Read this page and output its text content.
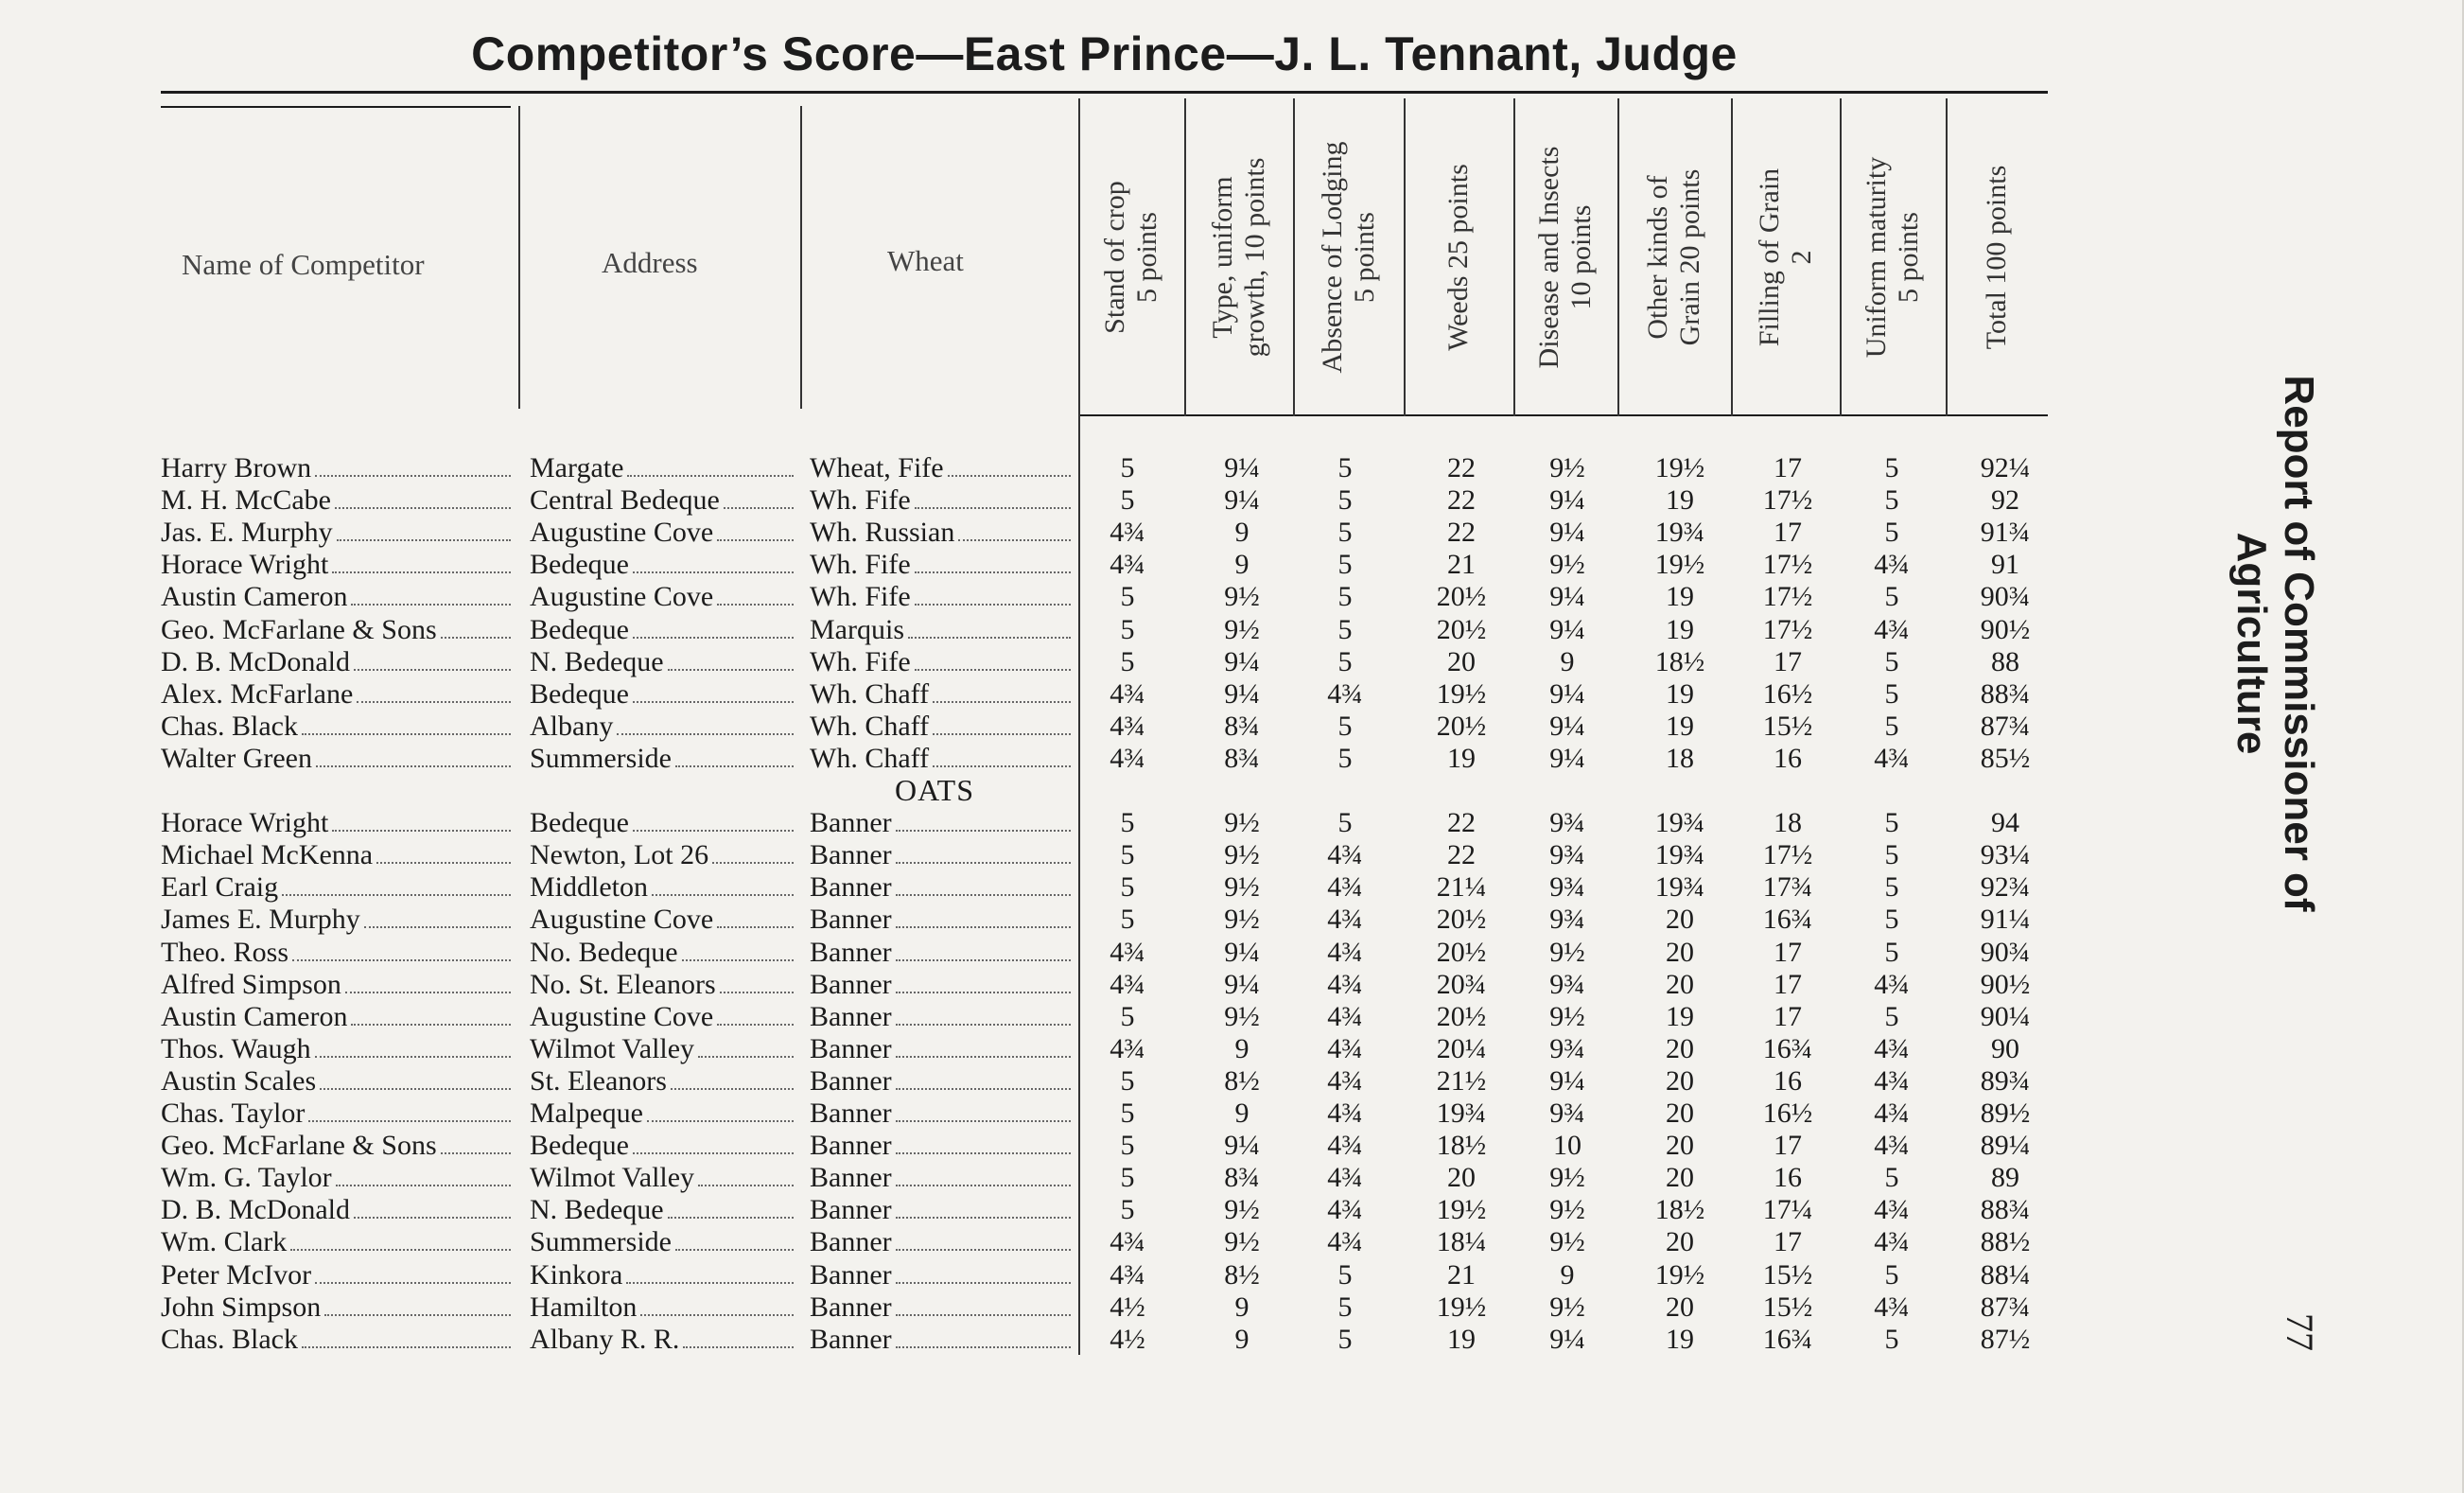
Competitor’s Score—East Prince—J. L. Tennant, Judge
Name of Competitor	Address	Wheat	Stand of crop 5 points Type, uniform growth, 10 points Absence of Lodging 5 points Weeds 25 points Disease and Insects 10 points Other kinds of Grain 20 points Filling of Grain 2 Uniform maturity 5 points Total 100 points
Harry Brown	Margate	Wheat, Fife	5	9¼	5	22	9½	19½	17	5	92¼
M. H. McCabe	Central Bedeque	Wh. Fife	5	9¼	5	22	9¼	19	17½	5	92
Jas. E. Murphy	Augustine Cove	Wh. Russian	4¾	9	5	22	9¼	19¾	17	5	91¾
Horace Wright	Bedeque	Wh. Fife	4¾	9	5	21	9½	19½	17½	4¾	91
Austin Cameron	Augustine Cove	Wh. Fife	5	9½	5	20½	9¼	19	17½	5	90¾
Geo. McFarlane & Sons	Bedeque	Marquis	5	9½	5	20½	9¼	19	17½	4¾	90½
D. B. McDonald	N. Bedeque	Wh. Fife	5	9¼	5	20	9	18½	17	5	88
Alex. McFarlane	Bedeque	Wh. Chaff	4¾	9¼	4¾	19½	9¼	19	16½	5	88¾
Chas. Black	Albany	Wh. Chaff	4¾	8¾	5	20½	9¼	19	15½	5	87¾
Walter Green	Summerside	Wh. Chaff	4¾	8¾	5	19	9¼	18	16	4¾	85½
OATS
Horace Wright	Bedeque	Banner	5	9½	5	22	9¾	19¾	18	5	94
Michael McKenna	Newton, Lot 26	Banner	5	9½	4¾	22	9¾	19¾	17½	5	93¼
Earl Craig	Middleton	Banner	5	9½	4¾	21¼	9¾	19¾	17¾	5	92¾
James E. Murphy	Augustine Cove	Banner	5	9½	4¾	20½	9¾	20	16¾	5	91¼
Theo. Ross	No. Bedeque	Banner	4¾	9¼	4¾	20½	9½	20	17	5	90¾
Alfred Simpson	No. St. Eleanors	Banner	4¾	9¼	4¾	20¾	9¾	20	17	4¾	90½
Austin Cameron	Augustine Cove	Banner	5	9½	4¾	20½	9½	19	17	5	90¼
Thos. Waugh	Wilmot Valley	Banner	4¾	9	4¾	20¼	9¾	20	16¾	4¾	90
Austin Scales	St. Eleanors	Banner	5	8½	4¾	21½	9¼	20	16	4¾	89¾
Chas. Taylor	Malpeque	Banner	5	9	4¾	19¾	9¾	20	16½	4¾	89½
Geo. McFarlane & Sons	Bedeque	Banner	5	9¼	4¾	18½	10	20	17	4¾	89¼
Wm. G. Taylor	Wilmot Valley	Banner	5	8¾	4¾	20	9½	20	16	5	89
D. B. McDonald	N. Bedeque	Banner	5	9½	4¾	19½	9½	18½	17¼	4¾	88¾
Wm. Clark	Summerside	Banner	4¾	9½	4¾	18¼	9½	20	17	4¾	88½
Peter McIvor	Kinkora	Banner	4¾	8½	5	21	9	19½	15½	5	88¼
John Simpson	Hamilton	Banner	4½	9	5	19½	9½	20	15½	4¾	87¾
Chas. Black	Albany R. R.	Banner	4½	9	5	19	9¼	19	16¾	5	87½
Report of Commissioner of Agriculture
77
